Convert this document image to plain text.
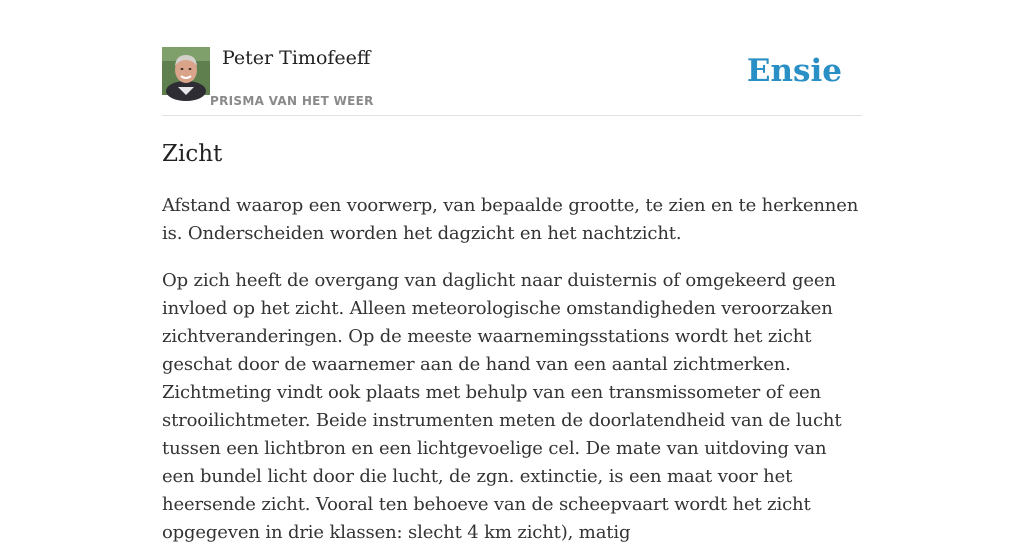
Peter Timofeeff
PRISMA VAN HET WEER
Ensie
Zicht

Afstand waarop een voorwerp, van bepaalde grootte, te zien en te herkennen is. Onderscheiden worden het dagzicht en het nachtzicht.

Op zich heeft de overgang van daglicht naar duisternis of omgekeerd geen invloed op het zicht. Alleen meteorologische omstandigheden veroorzaken zichtveranderingen. Op de meeste waarnemingsstations wordt het zicht geschat door de waarnemer aan de hand van een aantal zichtmerken. Zichtmeting vindt ook plaats met behulp van een transmissometer of een strooilichtmeter. Beide instrumenten meten de doorlatendheid van de lucht tussen een lichtbron en een lichtgevoelige cel. De mate van uitdoving van een bundel licht door die lucht, de zgn. extinctie, is een maat voor het heersende zicht. Vooral ten behoeve van de scheepvaart wordt het zicht opgegeven in drie klassen: slecht 4 km zicht), matig
